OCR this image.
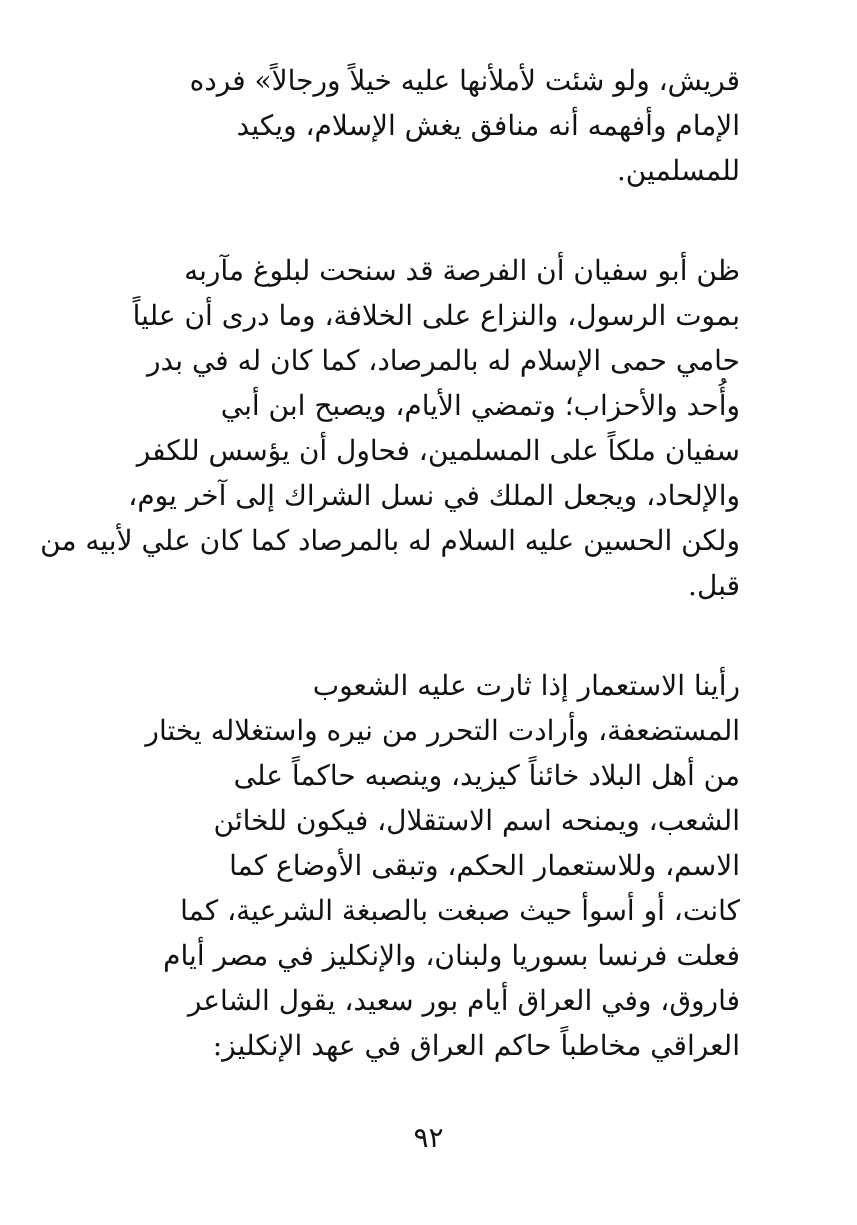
قريش، ولو شئت لأملأنها عليه خيلاً ورجالاً» فرده
الإمام وأفهمه أنه منافق يغش الإسلام، ويكيد
للمسلمين.
ظن أبو سفيان أن الفرصة قد سنحت لبلوغ مآربه
بموت الرسول، والنزاع على الخلافة، وما درى أن علياً
حامي حمى الإسلام له بالمرصاد، كما كان له في بدر
وأُحد والأحزاب؛ وتمضي الأيام، ويصبح ابن أبي
سفيان ملكاً على المسلمين، فحاول أن يؤسس للكفر
والإلحاد، ويجعل الملك في نسل الشراك إلى آخر يوم،
ولكن الحسين عليه السلام له بالمرصاد كما كان علي لأبيه من
قبل.
رأينا الاستعمار إذا ثارت عليه الشعوب
المستضعفة، وأرادت التحرر من نيره واستغلاله يختار
من أهل البلاد خائناً كيزيد، وينصبه حاكماً على
الشعب، ويمنحه اسم الاستقلال، فيكون للخائن
الاسم، وللاستعمار الحكم، وتبقى الأوضاع كما
كانت، أو أسوأ حيث صبغت بالصبغة الشرعية، كما
فعلت فرنسا بسوريا ولبنان، والإنكليز في مصر أيام
فاروق، وفي العراق أيام بور سعيد، يقول الشاعر
العراقي مخاطباً حاكم العراق في عهد الإنكليز:
٩٢
